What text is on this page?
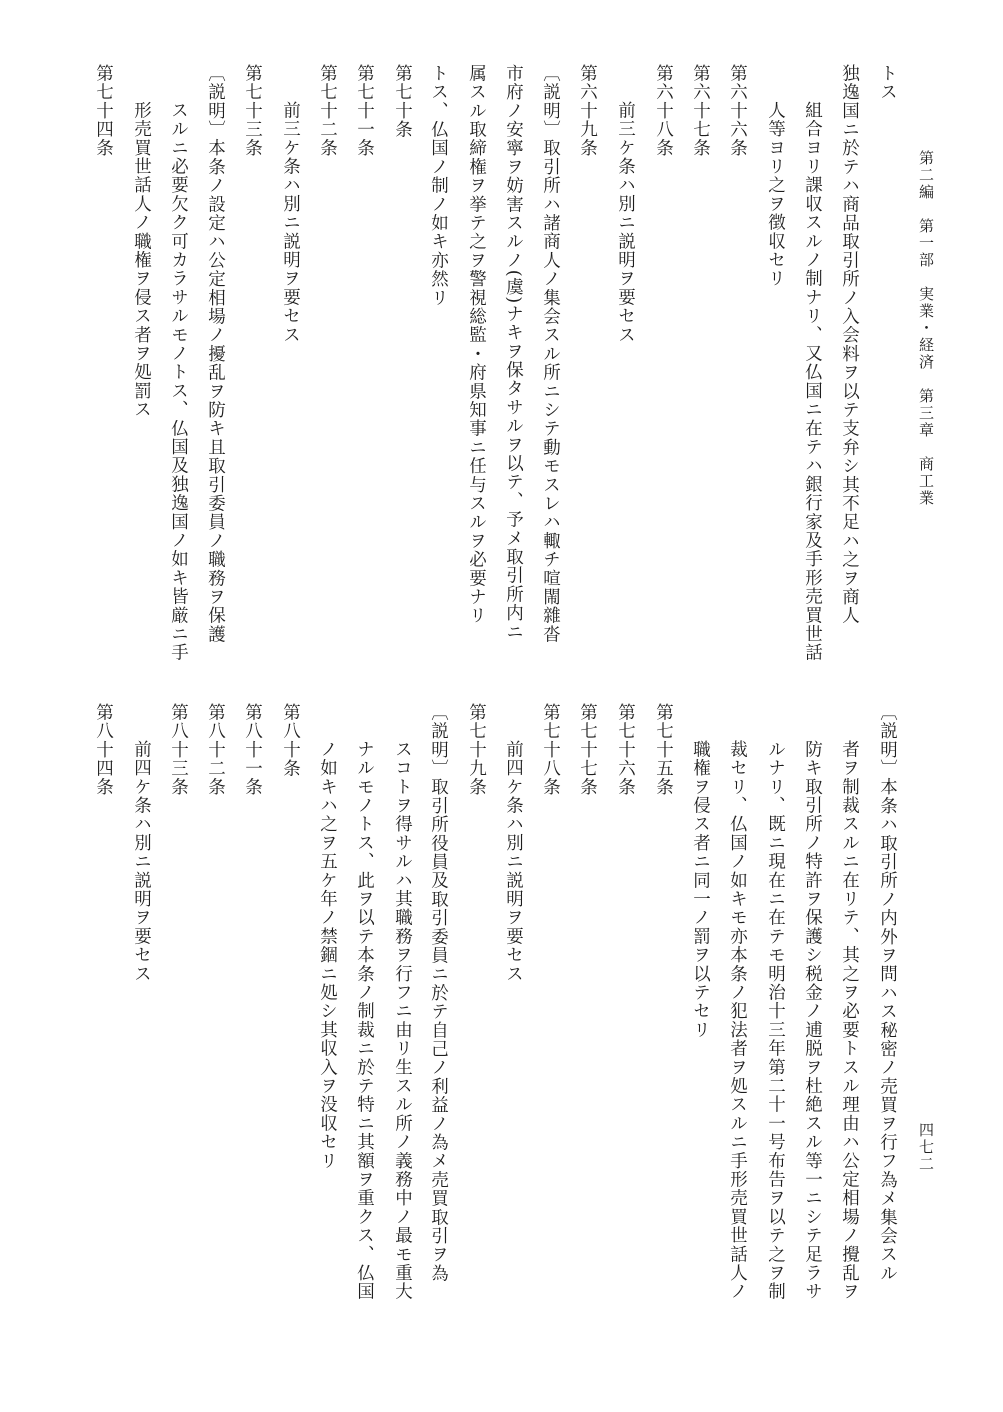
第二編　第一部　実業・経済　第三章　商工業
四七二
トス
独逸国ニ於テハ商品取引所ノ入会料ヲ以テ支弁シ其不足ハ之ヲ商人
組合ヨリ課収スルノ制ナリ、又仏国ニ在テハ銀行家及手形売買世話
人等ヨリ之ヲ徴収セリ
第六十六条
第六十七条
第六十八条
前三ケ条ハ別ニ説明ヲ要セス
第六十九条
〔説明〕取引所ハ諸商人ノ集会スル所ニシテ動モスレハ輙チ喧閙雜沓
市府ノ安寧ヲ妨害スルノ(虞)ナキヲ保タサルヲ以テ、予メ取引所内ニ
属スル取締権ヲ挙テ之ヲ警視総監・府県知事ニ任与スルヲ必要ナリ
トス、仏国ノ制ノ如キ亦然リ
第七十条
第七十一条
第七十二条
前三ケ条ハ別ニ説明ヲ要セス
第七十三条
〔説明〕本条ノ設定ハ公定相場ノ擾乱ヲ防キ且取引委員ノ職務ヲ保護
スルニ必要欠ク可カラサルモノトス、仏国及独逸国ノ如キ皆厳ニ手
形売買世話人ノ職権ヲ侵ス者ヲ処罰ス
第七十四条
〔説明〕本条ハ取引所ノ内外ヲ問ハス秘密ノ売買ヲ行フ為メ集会スル
者ヲ制裁スルニ在リテ、其之ヲ必要トスル理由ハ公定相場ノ攪乱ヲ
防キ取引所ノ特許ヲ保護シ税金ノ逋脱ヲ杜絶スル等一ニシテ足ラサ
ルナリ、既ニ現在ニ在テモ明治十三年第二十一号布告ヲ以テ之ヲ制
裁セリ、仏国ノ如キモ亦本条ノ犯法者ヲ処スルニ手形売買世話人ノ
職権ヲ侵ス者ニ同一ノ罰ヲ以テセリ
第七十五条
第七十六条
第七十七条
第七十八条
前四ケ条ハ別ニ説明ヲ要セス
第七十九条
〔説明〕取引所役員及取引委員ニ於テ自己ノ利益ノ為メ売買取引ヲ為
スコトヲ得サルハ其職務ヲ行フニ由リ生スル所ノ義務中ノ最モ重大
ナルモノトス、此ヲ以テ本条ノ制裁ニ於テ特ニ其額ヲ重クス、仏国
ノ如キハ之ヲ五ケ年ノ禁錮ニ処シ其収入ヲ没収セリ
第八十条
第八十一条
第八十二条
第八十三条
前四ケ条ハ別ニ説明ヲ要セス
第八十四条
